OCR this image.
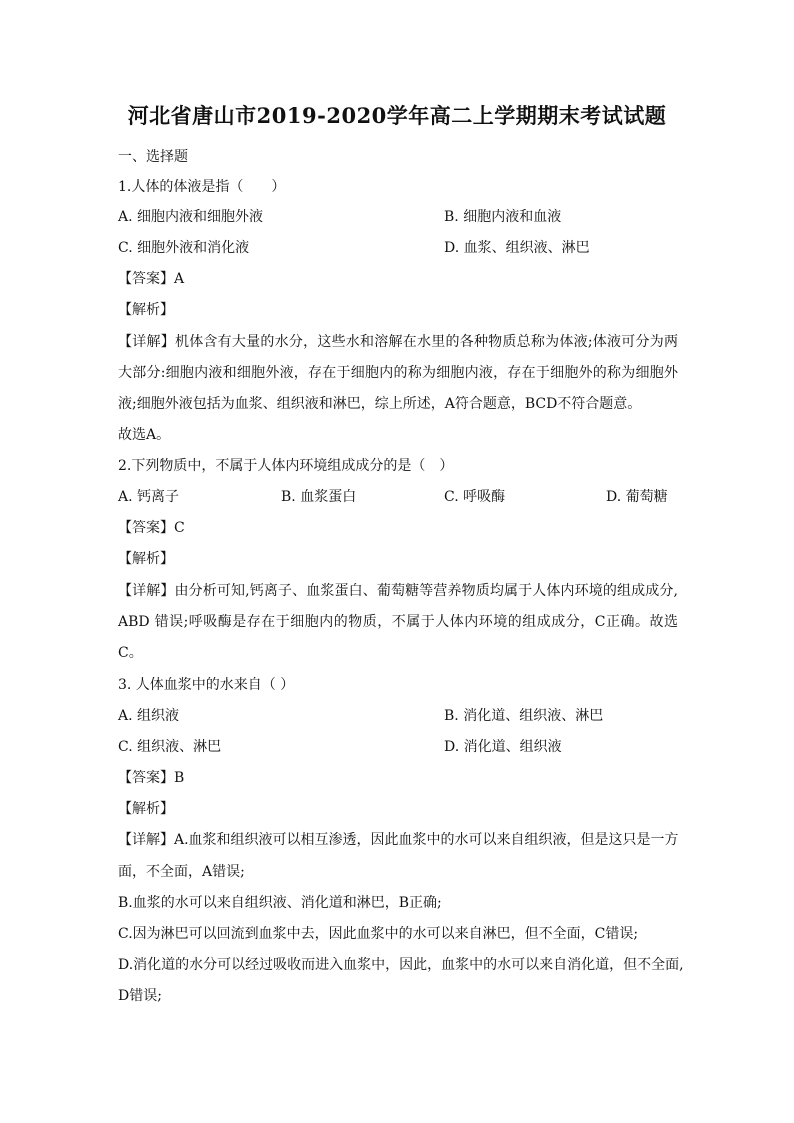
河北省唐山市2019-2020学年高二上学期期末考试试题
一、选择题
1.人体的体液是指（　　）
A. 细胞内液和细胞外液	B. 细胞内液和血液
C. 细胞外液和消化液	D. 血浆、组织液、淋巴
【答案】A
【解析】
【详解】机体含有大量的水分，这些水和溶解在水里的各种物质总称为体液;体液可分为两
大部分:细胞内液和细胞外液，存在于细胞内的称为细胞内液，存在于细胞外的称为细胞外
液;细胞外液包括为血浆、组织液和淋巴，综上所述，A符合题意，BCD不符合题意。
故选A。
2.下列物质中，不属于人体内环境组成成分的是（　）
A. 钙离子	B. 血浆蛋白	C. 呼吸酶	D. 葡萄糖
【答案】C
【解析】
【详解】由分析可知,钙离子、血浆蛋白、葡萄糖等营养物质均属于人体内环境的组成成分,
ABD 错误;呼吸酶是存在于细胞内的物质，不属于人体内环境的组成成分，C正确。故选
C。
3. 人体血浆中的水来自（ ）
A. 组织液	B. 消化道、组织液、淋巴
C. 组织液、淋巴	D. 消化道、组织液
【答案】B
【解析】
【详解】A.血浆和组织液可以相互渗透，因此血浆中的水可以来自组织液，但是这只是一方
面，不全面，A错误;
B.血浆的水可以来自组织液、消化道和淋巴，B正确;
C.因为淋巴可以回流到血浆中去，因此血浆中的水可以来自淋巴，但不全面，C错误;
D.消化道的水分可以经过吸收而进入血浆中，因此，血浆中的水可以来自消化道，但不全面,
D错误;
